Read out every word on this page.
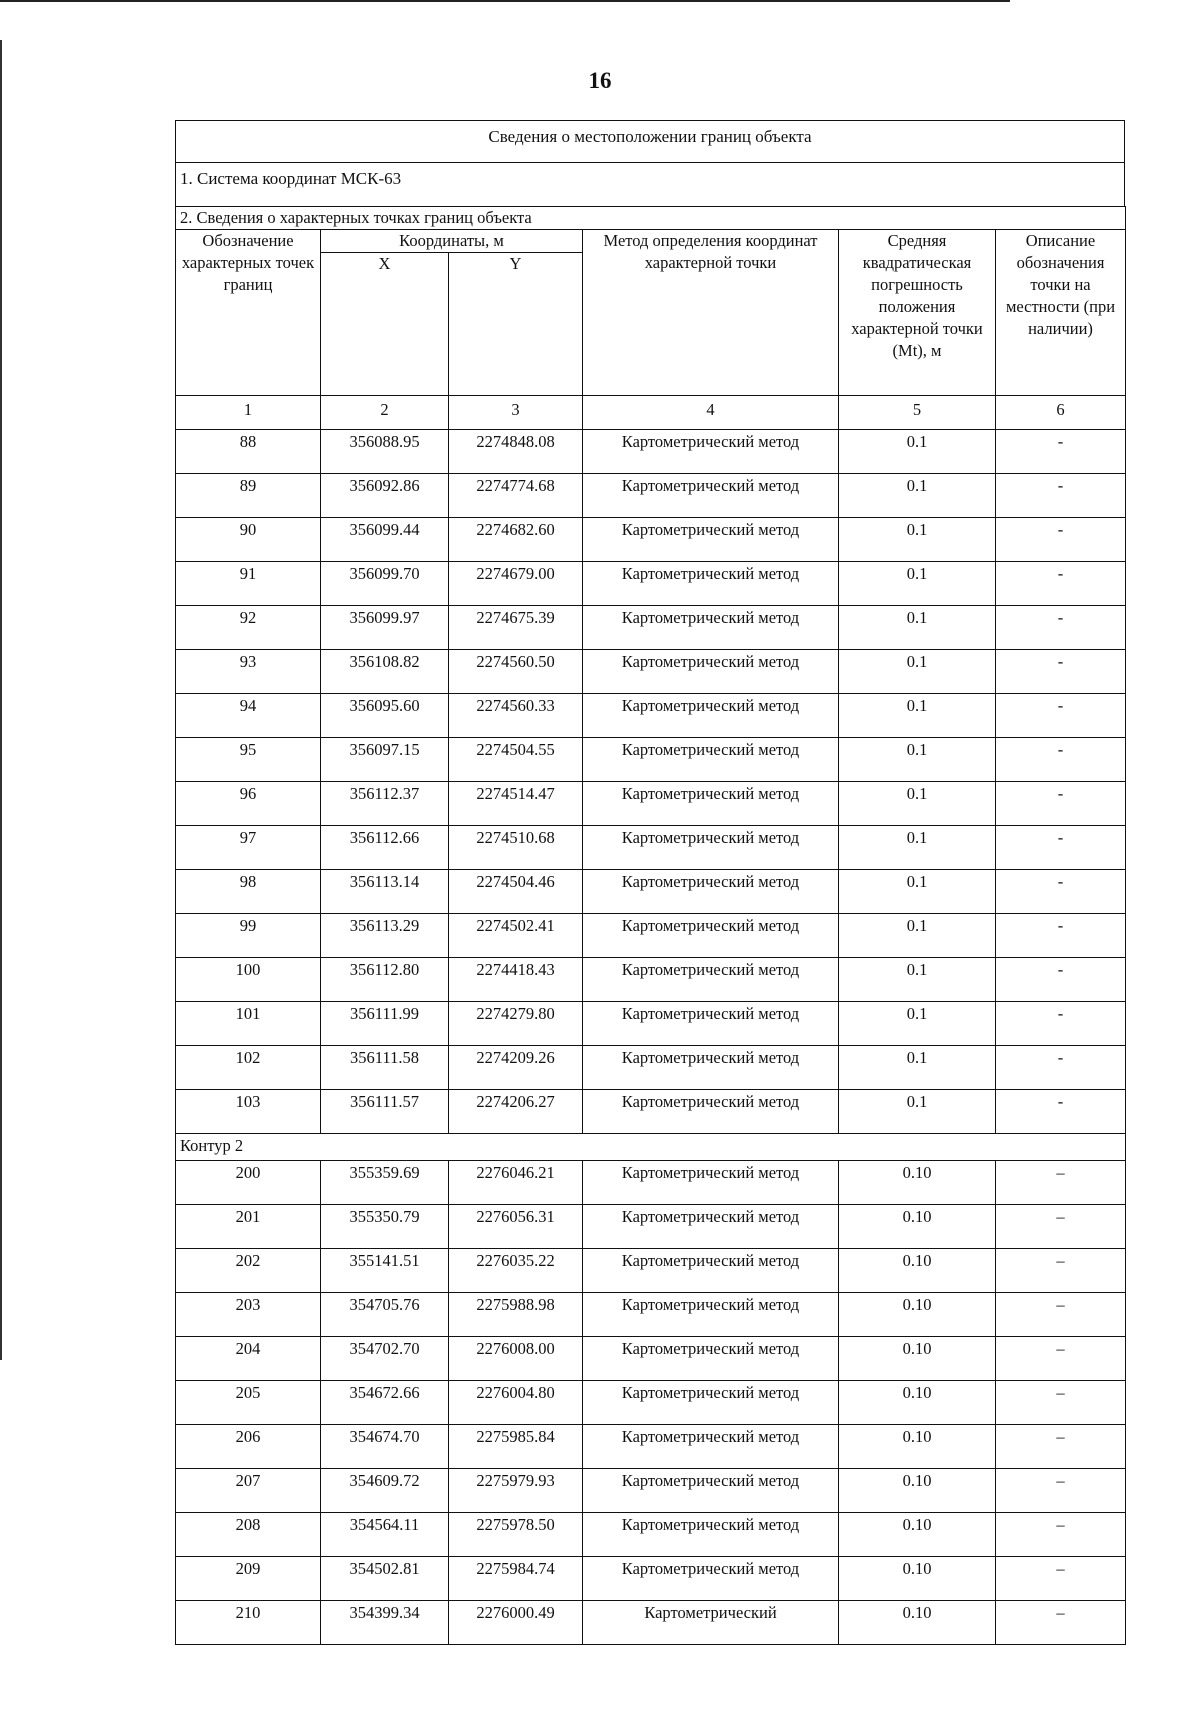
16
Сведения о местоположении границ объекта
1. Система координат МСК-63
2. Сведения о характерных точках границ объекта					
Обозначение характерных точек границ	Координаты, м		Метод определения координат характерной точки	Средняя квадратическая погрешность положения характерной точки (Mt), м	Описание обозначения точки на местности (при наличии)
	X	Y			
1	2	3	4	5	6
88	356088.95	2274848.08	Картометрический метод	0.1	-
89	356092.86	2274774.68	Картометрический метод	0.1	-
90	356099.44	2274682.60	Картометрический метод	0.1	-
91	356099.70	2274679.00	Картометрический метод	0.1	-
92	356099.97	2274675.39	Картометрический метод	0.1	-
93	356108.82	2274560.50	Картометрический метод	0.1	-
94	356095.60	2274560.33	Картометрический метод	0.1	-
95	356097.15	2274504.55	Картометрический метод	0.1	-
96	356112.37	2274514.47	Картометрический метод	0.1	-
97	356112.66	2274510.68	Картометрический метод	0.1	-
98	356113.14	2274504.46	Картометрический метод	0.1	-
99	356113.29	2274502.41	Картометрический метод	0.1	-
100	356112.80	2274418.43	Картометрический метод	0.1	-
101	356111.99	2274279.80	Картометрический метод	0.1	-
102	356111.58	2274209.26	Картометрический метод	0.1	-
103	356111.57	2274206.27	Картометрический метод	0.1	-
Контур 2					
200	355359.69	2276046.21	Картометрический метод	0.10	–
201	355350.79	2276056.31	Картометрический метод	0.10	–
202	355141.51	2276035.22	Картометрический метод	0.10	–
203	354705.76	2275988.98	Картометрический метод	0.10	–
204	354702.70	2276008.00	Картометрический метод	0.10	–
205	354672.66	2276004.80	Картометрический метод	0.10	–
206	354674.70	2275985.84	Картометрический метод	0.10	–
207	354609.72	2275979.93	Картометрический метод	0.10	–
208	354564.11	2275978.50	Картометрический метод	0.10	–
209	354502.81	2275984.74	Картометрический метод	0.10	–
210	354399.34	2276000.49	Картометрический	0.10	–
